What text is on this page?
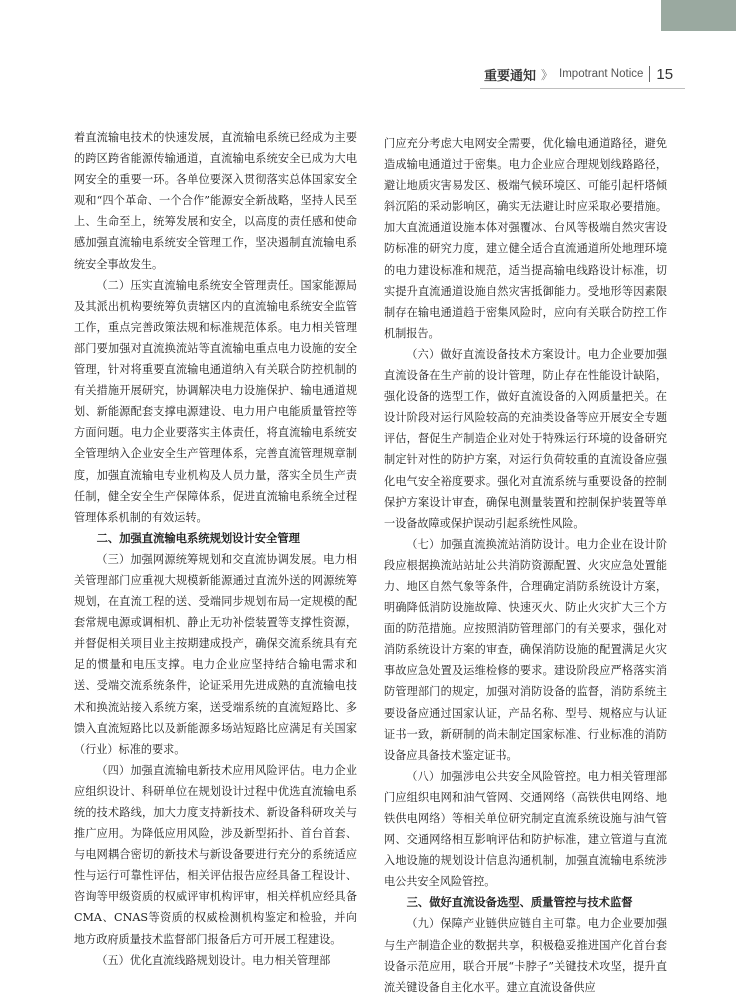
重要通知 》 Impotrant Notice 15

着直流输电技术的快速发展，直流输电系统已经成为主要的跨区跨省能源传输通道，直流输电系统安全已成为大电网安全的重要一环。各单位要深入贯彻落实总体国家安全观和“四个革命、一个合作”能源安全新战略，坚持人民至上、生命至上，统筹发展和安全，以高度的责任感和使命感加强直流输电系统安全管理工作，坚决遏制直流输电系统安全事故发生。

（二）压实直流输电系统安全管理责任。国家能源局及其派出机构要统筹负责辖区内的直流输电系统安全监管工作，重点完善政策法规和标准规范体系。电力相关管理部门要加强对直流换流站等直流输电重点电力设施的安全管理，针对将重要直流输电通道纳入有关联合防控机制的有关措施开展研究，协调解决电力设施保护、输电通道规划、新能源配套支撑电源建设、电力用户电能质量管控等方面问题。电力企业要落实主体责任，将直流输电系统安全管理纳入企业安全生产管理体系，完善直流管理规章制度，加强直流输电专业机构及人员力量，落实全员生产责任制，健全安全生产保障体系，促进直流输电系统全过程管理体系机制的有效运转。

二、加强直流输电系统规划设计安全管理

（三）加强网源统筹规划和交直流协调发展。电力相关管理部门应重视大规模新能源通过直流外送的网源统筹规划，在直流工程的送、受端同步规划布局一定规模的配套常规电源或调相机、静止无功补偿装置等支撑性资源，并督促相关项目业主按期建成投产，确保交流系统具有充足的惯量和电压支撑。电力企业应坚持结合输电需求和送、受端交流系统条件，论证采用先进成熟的直流输电技术和换流站接入系统方案，送受端系统的直流短路比、多馈入直流短路比以及新能源多场站短路比应满足有关国家（行业）标准的要求。

（四）加强直流输电新技术应用风险评估。电力企业应组织设计、科研单位在规划设计过程中优选直流输电系统的技术路线，加大力度支持新技术、新设备科研攻关与推广应用。为降低应用风险，涉及新型拓扑、首台首套、与电网耦合密切的新技术与新设备要进行充分的系统适应性与运行可靠性评估，相关评估报告应经具备工程设计、咨询等甲级资质的权威评审机构评审，相关样机应经具备CMA、CNAS等资质的权威检测机构鉴定和检验，并向地方政府质量技术监督部门报备后方可开展工程建设。

（五）优化直流线路规划设计。电力相关管理部

门应充分考虑大电网安全需要，优化输电通道路径，避免造成输电通道过于密集。电力企业应合理规划线路路径，避让地质灾害易发区、极端气候环境区、可能引起杆塔倾斜沉陷的采动影响区，确实无法避让时应采取必要措施。加大直流通道设施本体对强覆冰、台风等极端自然灾害设防标准的研究力度，建立健全适合直流通道所处地理环境的电力建设标准和规范，适当提高输电线路设计标准，切实提升直流通道设施自然灾害抵御能力。受地形等因素限制存在输电通道趋于密集风险时，应向有关联合防控工作机制报告。

（六）做好直流设备技术方案设计。电力企业要加强直流设备在生产前的设计管理，防止存在性能设计缺陷，强化设备的选型工作，做好直流设备的入网质量把关。在设计阶段对运行风险较高的充油类设备等应开展安全专题评估，督促生产制造企业对处于特殊运行环境的设备研究制定针对性的防护方案，对运行负荷较重的直流设备应强化电气安全裕度要求。强化对直流系统与重要设备的控制保护方案设计审查，确保电测量装置和控制保护装置等单一设备故障或保护误动引起系统性风险。

（七）加强直流换流站消防设计。电力企业在设计阶段应根据换流站站址公共消防资源配置、火灾应急处置能力、地区自然气象等条件，合理确定消防系统设计方案，明确降低消防设施故障、快速灭火、防止火灾扩大三个方面的防范措施。应按照消防管理部门的有关要求，强化对消防系统设计方案的审查，确保消防设施的配置满足火灾事故应急处置及运维检修的要求。建设阶段应严格落实消防管理部门的规定，加强对消防设备的监督，消防系统主要设备应通过国家认证，产品名称、型号、规格应与认证证书一致，新研制的尚未制定国家标准、行业标准的消防设备应具备技术鉴定证书。

（八）加强涉电公共安全风险管控。电力相关管理部门应组织电网和油气管网、交通网络（高铁供电网络、地铁供电网络）等相关单位研究制定直流系统设施与油气管网、交通网络相互影响评估和防护标准，建立管道与直流入地设施的规划设计信息沟通机制，加强直流输电系统涉电公共安全风险管控。

三、做好直流设备选型、质量管控与技术监督

（九）保障产业链供应链自主可靠。电力企业要加强与生产制造企业的数据共享，积极稳妥推进国产化首台套设备示范应用，联合开展“卡脖子”关键技术攻坚，提升直流关键设备自主化水平。建立直流设备供应
